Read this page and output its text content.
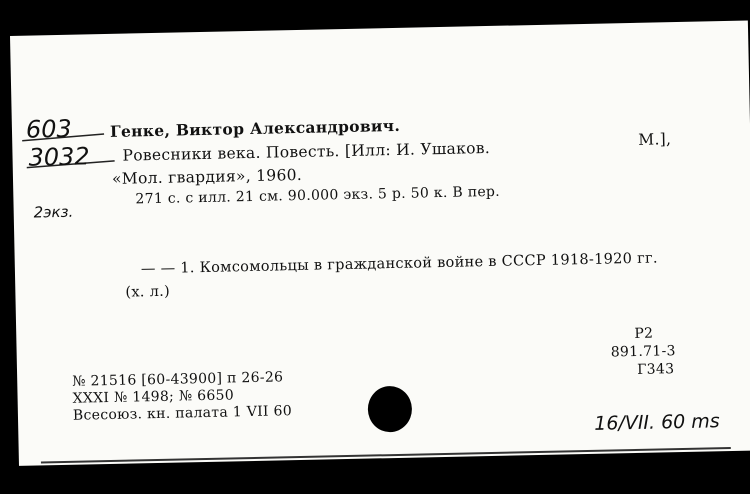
603
3032
2экз.
Генке, Виктор Александрович.
Ровесники века. Повесть. [Илл: И. Ушаков.	М.],
«Мол. гвардия», 1960.
271 с. с илл. 21 см. 90.000 экз. 5 р. 50 к. В пер.
— — 1. Комсомольцы в гражданской войне в СССР 1918-1920 гг.
(х. л.)
№ 21516 [60-43900] п 26-26
XXXI № 1498; № 6650
Всесоюз. кн. палата 1 VII 60
Р2
891.71-3
Г343
16/VII. 60 ms
